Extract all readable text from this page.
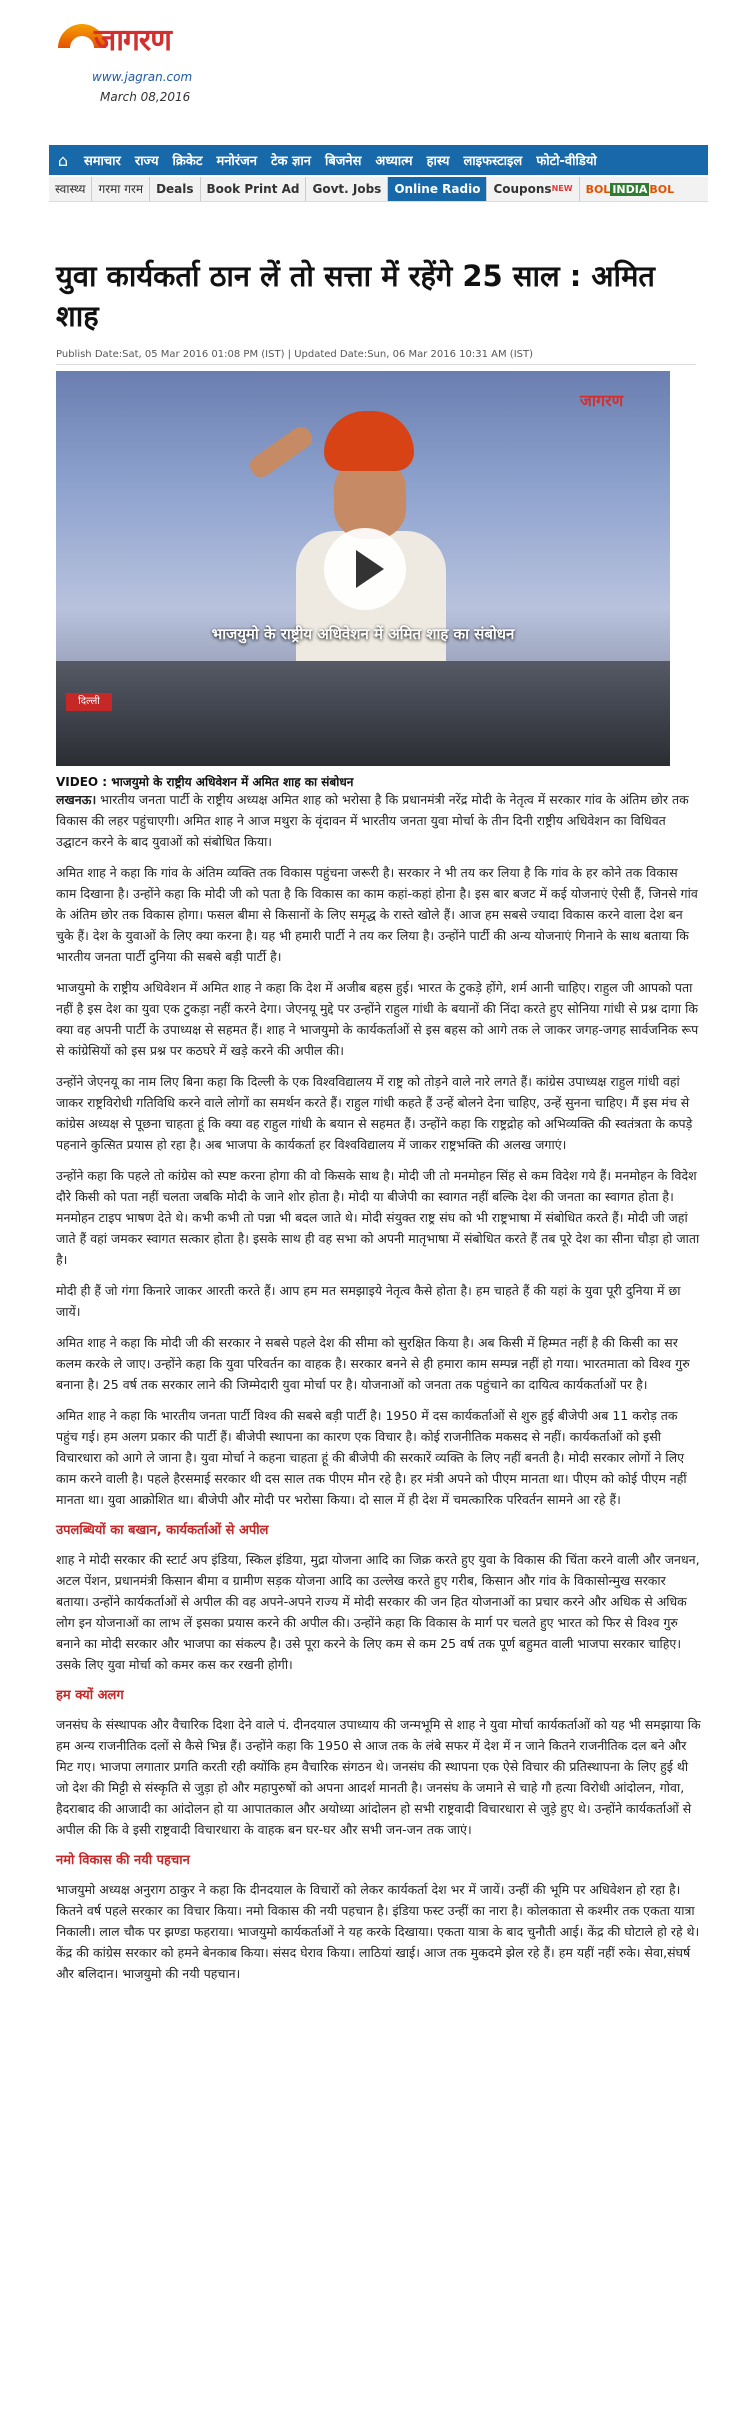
जागरण
www.jagran.com
March 08,2016
⌂	समाचार	राज्य	क्रिकेट	मनोरंजन	टेक ज्ञान	बिजनेस	अध्यात्म	हास्य	लाइफस्टाइल	फोटो-वीडियो
स्वास्थ्य	गरमा गरम	Deals	Book Print Ad	Govt. Jobs	Online Radio	Coupons$^{NEW}$	BOL INDIA BOL
युवा कार्यकर्ता ठान लें तो सत्ता में रहेंगे 25 साल : अमित शाह
Publish Date:Sat, 05 Mar 2016 01:08 PM (IST) | Updated Date:Sun, 06 Mar 2016 10:31 AM (IST)
जागरण
दिल्ली
भाजयुमो के राष्ट्रीय अधिवेशन में अमित शाह का संबोधन
VIDEO : भाजयुमो के राष्ट्रीय अधिवेशन में अमित शाह का संबोधन

लखनऊ। भारतीय जनता पार्टी के राष्ट्रीय अध्यक्ष अमित शाह को भरोसा है कि प्रधानमंत्री नरेंद्र मोदी के नेतृत्व में सरकार गांव के अंतिम छोर तक विकास की लहर पहुंचाएगी। अमित शाह ने आज मथुरा के वृंदावन में भारतीय जनता युवा मोर्चा के तीन दिनी राष्ट्रीय अधिवेशन का विधिवत उद्घाटन करने के बाद युवाओं को संबोधित किया।

अमित शाह ने कहा कि गांव के अंतिम व्यक्ति तक विकास पहुंचना जरूरी है। सरकार ने भी तय कर लिया है कि गांव के हर कोने तक विकास काम दिखाना है। उन्होंने कहा कि मोदी जी को पता है कि विकास का काम कहां-कहां होना है। इस बार बजट में कई योजनाएं ऐसी हैं, जिनसे गांव के अंतिम छोर तक विकास होगा। फसल बीमा से किसानों के लिए समृद्ध के रास्ते खोले हैं। आज हम सबसे ज्यादा विकास करने वाला देश बन चुके हैं। देश के युवाओं के लिए क्या करना है। यह भी हमारी पार्टी ने तय कर लिया है। उन्होंने पार्टी की अन्य योजनाएं गिनाने के साथ बताया कि भारतीय जनता पार्टी दुनिया की सबसे बड़ी पार्टी है।

भाजयुमो के राष्ट्रीय अधिवेशन में अमित शाह ने कहा कि देश में अजीब बहस हुई। भारत के टुकड़े होंगे, शर्म आनी चाहिए। राहुल जी आपको पता नहीं है इस देश का युवा एक टुकड़ा नहीं करने देगा। जेएनयू मुद्दे पर उन्होंने राहुल गांधी के बयानों की निंदा करते हुए सोनिया गांधी से प्रश्न दागा कि क्या वह अपनी पार्टी के उपाध्यक्ष से सहमत हैं। शाह ने भाजयुमो के कार्यकर्ताओं से इस बहस को आगे तक ले जाकर जगह-जगह सार्वजनिक रूप से कांग्रेसियों को इस प्रश्न पर कठघरे में खड़े करने की अपील की।

उन्होंने जेएनयू का नाम लिए बिना कहा कि दिल्ली के एक विश्वविद्यालय में राष्ट्र को तोड़ने वाले नारे लगते हैं। कांग्रेस उपाध्यक्ष राहुल गांधी वहां जाकर राष्ट्रविरोधी गतिविधि करने वाले लोगों का समर्थन करते हैं। राहुल गांधी कहते हैं उन्हें बोलने देना चाहिए, उन्हें सुनना चाहिए। मैं इस मंच से कांग्रेस अध्यक्ष से पूछना चाहता हूं कि क्या वह राहुल गांधी के बयान से सहमत हैं। उन्होंने कहा कि राष्ट्रद्रोह को अभिव्यक्ति की स्वतंत्रता के कपड़े पहनाने कुत्सित प्रयास हो रहा है। अब भाजपा के कार्यकर्ता हर विश्वविद्यालय में जाकर राष्ट्रभक्ति की अलख जगाएं।

उन्होंने कहा कि पहले तो कांग्रेस को स्पष्ट करना होगा की वो किसके साथ है। मोदी जी तो मनमोहन सिंह से कम विदेश गये हैं। मनमोहन के विदेश दौरे किसी को पता नहीं चलता जबकि मोदी के जाने शोर होता है। मोदी या बीजेपी का स्वागत नहीं बल्कि देश की जनता का स्वागत होता है। मनमोहन टाइप भाषण देते थे। कभी कभी तो पन्ना भी बदल जाते थे। मोदी संयुक्त राष्ट्र संघ को भी राष्ट्रभाषा में संबोधित करते हैं। मोदी जी जहां जाते हैं वहां जमकर स्वागत सत्कार होता है। इसके साथ ही वह सभा को अपनी मातृभाषा में संबोधित करते हैं तब पूरे देश का सीना चौड़ा हो जाता है।

मोदी ही हैं जो गंगा किनारे जाकर आरती करते हैं। आप हम मत समझाइये नेतृत्व कैसे होता है। हम चाहते हैं की यहां के युवा पूरी दुनिया में छा जायें।

अमित शाह ने कहा कि मोदी जी की सरकार ने सबसे पहले देश की सीमा को सुरक्षित किया है। अब किसी में हिम्मत नहीं है की किसी का सर कलम करके ले जाए। उन्होंने कहा कि युवा परिवर्तन का वाहक है। सरकार बनने से ही हमारा काम सम्पन्न नहीं हो गया। भारतमाता को विश्व गुरु बनाना है। 25 वर्ष तक सरकार लाने की जिम्मेदारी युवा मोर्चा पर है। योजनाओं को जनता तक पहुंचाने का दायित्व कार्यकर्ताओं पर है।

अमित शाह ने कहा कि भारतीय जनता पार्टी विश्व की सबसे बड़ी पार्टी है। 1950 में दस कार्यकर्ताओं से शुरु हुई बीजेपी अब 11 करोड़ तक पहुंच गई। हम अलग प्रकार की पार्टी हैं। बीजेपी स्थापना का कारण एक विचार है। कोई राजनीतिक मकसद से नहीं। कार्यकर्ताओं को इसी विचारधारा को आगे ले जाना है। युवा मोर्चा ने कहना चाहता हूं की बीजेपी की सरकारें व्यक्ति के लिए नहीं बनती है। मोदी सरकार लोगों ने लिए काम करने वाली है। पहले हैरसमाई सरकार थी दस साल तक पीएम मौन रहे है। हर मंत्री अपने को पीएम मानता था। पीएम को कोई पीएम नहीं मानता था। युवा आक्रोशित था। बीजेपी और मोदी पर भरोसा किया। दो साल में ही देश में चमत्कारिक परिवर्तन सामने आ रहे हैं।

उपलब्धियों का बखान, कार्यकर्ताओं से अपील

शाह ने मोदी सरकार की स्टार्ट अप इंडिया, स्किल इंडिया, मुद्रा योजना आदि का जिक्र करते हुए युवा के विकास की चिंता करने वाली और जनधन, अटल पेंशन, प्रधानमंत्री किसान बीमा व ग्रामीण सड़क योजना आदि का उल्लेख करते हुए गरीब, किसान और गांव के विकासोन्मुख सरकार बताया। उन्होंने कार्यकर्ताओं से अपील की वह अपने-अपने राज्य में मोदी सरकार की जन हित योजनाओं का प्रचार करने और अधिक से अधिक लोग इन योजनाओं का लाभ लें इसका प्रयास करने की अपील की। उन्होंने कहा कि विकास के मार्ग पर चलते हुए भारत को फिर से विश्व गुरु बनाने का मोदी सरकार और भाजपा का संकल्प है। उसे पूरा करने के लिए कम से कम 25 वर्ष तक पूर्ण बहुमत वाली भाजपा सरकार चाहिए। उसके लिए युवा मोर्चा को कमर कस कर रखनी होगी।

हम क्यों अलग

जनसंघ के संस्थापक और वैचारिक दिशा देने वाले पं. दीनदयाल उपाध्याय की जन्मभूमि से शाह ने युवा मोर्चा कार्यकर्ताओं को यह भी समझाया कि हम अन्य राजनीतिक दलों से कैसे भिन्न हैं। उन्होंने कहा कि 1950 से आज तक के लंबे सफर में देश में न जाने कितने राजनीतिक दल बने और मिट गए। भाजपा लगातार प्रगति करती रही क्योंकि हम वैचारिक संगठन थे। जनसंघ की स्थापना एक ऐसे विचार की प्रतिस्थापना के लिए हुई थी जो देश की मिट्टी से संस्कृति से जुड़ा हो और महापुरुषों को अपना आदर्श मानती है। जनसंघ के जमाने से चाहे गौ हत्या विरोधी आंदोलन, गोवा, हैदराबाद की आजादी का आंदोलन हो या आपातकाल और अयोध्या आंदोलन हो सभी राष्ट्रवादी विचारधारा से जुड़े हुए थे। उन्होंने कार्यकर्ताओं से अपील की कि वे इसी राष्ट्रवादी विचारधारा के वाहक बन घर-घर और सभी जन-जन तक जाएं।

नमो विकास की नयी पहचान

भाजयुमो अध्यक्ष अनुराग ठाकुर ने कहा कि दीनदयाल के विचारों को लेकर कार्यकर्ता देश भर में जायें। उन्हीं की भूमि पर अधिवेशन हो रहा है। कितने वर्ष पहले सरकार का विचार किया। नमो विकास की नयी पहचान है। इंडिया फस्ट उन्हीं का नारा है। कोलकाता से कश्मीर तक एकता यात्रा निकाली। लाल चौक पर झण्डा फहराया। भाजयुमो कार्यकर्ताओं ने यह करके दिखाया। एकता यात्रा के बाद चुनौती आई। केंद्र की घोटाले हो रहे थे। केंद्र की कांग्रेस सरकार को हमने बेनकाब किया। संसद घेराव किया। लाठियां खाई। आज तक मुकदमे झेल रहे हैं। हम यहीं नहीं रुके। सेवा,संघर्ष और बलिदान। भाजयुमो की नयी पहचान।
